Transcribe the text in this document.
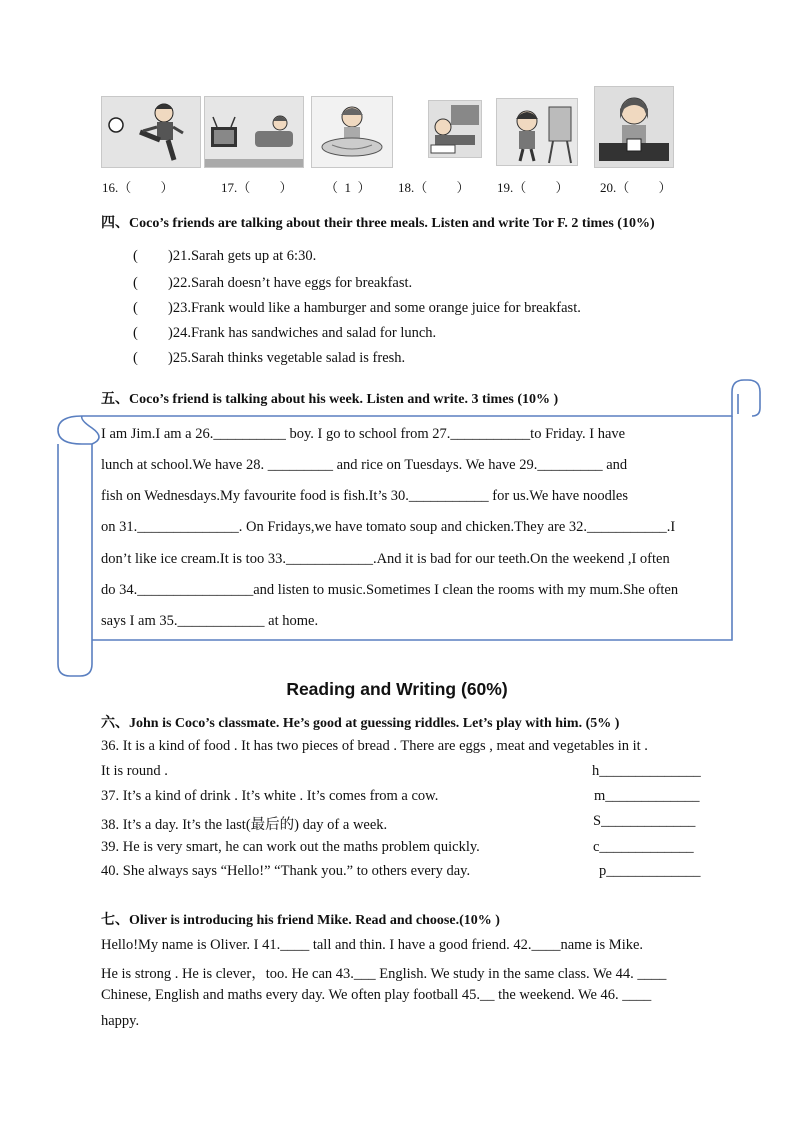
16.（         ）	17.（         ） （  1  ） 18.（         ） 19.（         ） 20.（         ）
四、Coco’s friends are talking about their three meals. Listen and write Tor F. 2 times (10%)
( )21.Sarah gets up at 6:30.
( )22.Sarah doesn’t have eggs for breakfast.
( )23.Frank would like a hamburger and some orange juice for breakfast.
( )24.Frank has sandwiches and salad for lunch.
( )25.Sarah thinks vegetable salad is fresh.
五、Coco’s friend is talking about his week. Listen and write. 3 times (10% )
I am Jim.I am a 26.__________ boy. I go to school from 27.___________to Friday. I have
lunch at school.We have 28. _________ and rice on Tuesdays. We have 29._________ and
fish on Wednesdays.My favourite food is fish.It’s 30.___________ for us.We have noodles
on 31.______________. On Fridays,we have tomato soup and chicken.They are 32.___________.I
don’t like ice cream.It is too 33.____________.And it is bad for our teeth.On the weekend ,I often
do 34.________________and listen to music.Sometimes I clean the rooms with my mum.She often
says I am 35.____________ at home.
Reading and Writing (60%)
六、John is Coco’s classmate. He’s good at guessing riddles. Let’s play with him. (5% )
36. It is a kind of food . It has two pieces of bread . There are eggs , meat and vegetables in it .
It is round .
37. It’s a kind of drink . It’s white . It’s comes from a cow.
38. It’s a day. It’s the last(最后的) day of a week.
39. He is very smart, he can work out the maths problem quickly.
40. She always says “Hello!” “Thank you.” to others every day.
h______________
m_____________
S_____________
c_____________
p_____________
七、Oliver is introducing his friend Mike. Read and choose.(10% )
Hello!My name is Oliver. I 41.____ tall and thin. I have a good friend. 42.____name is Mike.
He is strong . He is clever，too. He can 43.___ English. We study in the same class. We 44. ____
Chinese, English and maths every day. We often play football 45.__ the weekend. We 46. ____
happy.
